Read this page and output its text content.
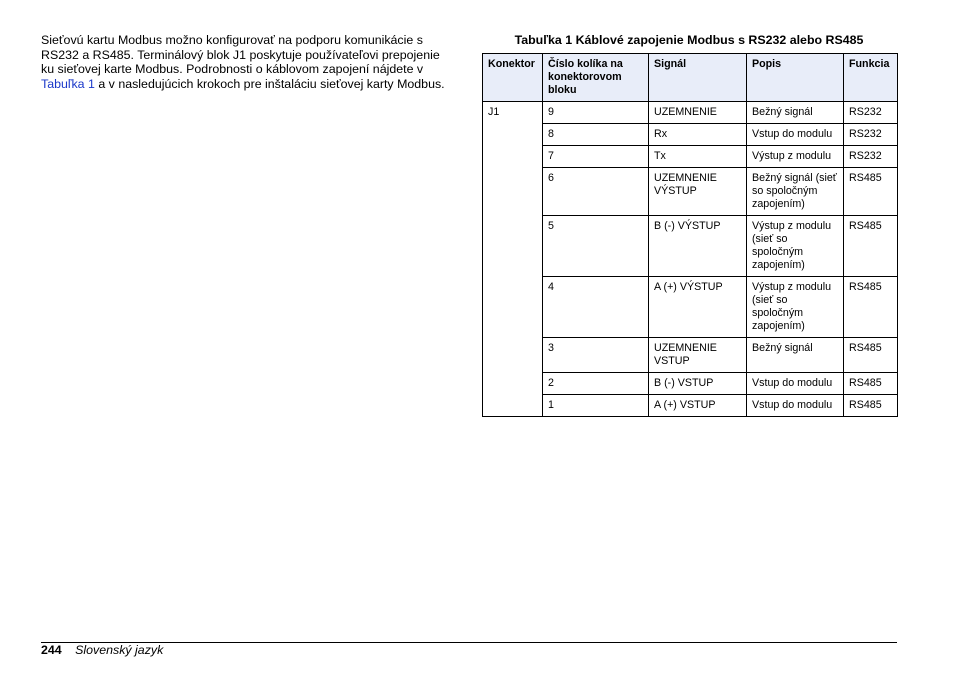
Sieťovú kartu Modbus možno konfigurovať na podporu komunikácie s RS232 a RS485. Terminálový blok J1 poskytuje používateľovi prepojenie ku sieťovej karte Modbus. Podrobnosti o káblovom zapojení nájdete v Tabuľka 1 a v nasledujúcich krokoch pre inštaláciu sieťovej karty Modbus.

Tabuľka 1 Káblové zapojenie Modbus s RS232 alebo RS485
Konektor	Číslo kolíka na konektorovom bloku	Signál	Popis	Funkcia
J1	9	UZEMNENIE	Bežný signál	RS232
	8	Rx	Vstup do modulu	RS232
	7	Tx	Výstup z modulu	RS232
	6	UZEMNENIE VÝSTUP	Bežný signál (sieť so spoločným zapojením)	RS485
	5	B (-) VÝSTUP	Výstup z modulu (sieť so spoločným zapojením)	RS485
	4	A (+) VÝSTUP	Výstup z modulu (sieť so spoločným zapojením)	RS485
	3	UZEMNENIE VSTUP	Bežný signál	RS485
	2	B (-) VSTUP	Vstup do modulu	RS485
	1	A (+) VSTUP	Vstup do modulu	RS485
244 Slovenský jazyk
